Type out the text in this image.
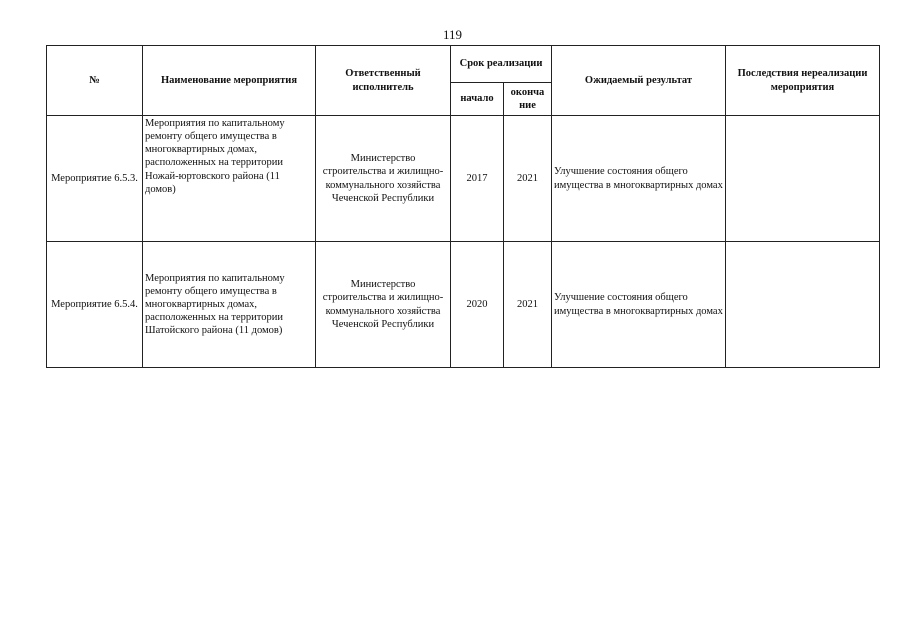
119
№	Наименование мероприятия	Ответственный исполнитель	Срок реализации		Ожидаемый результат	Последствия нереализации мероприятия
			начало	оконча ние		
Мероприятие 6.5.3.	Мероприятия по капитальному ремонту общего имущества в многоквартирных домах, расположенных на территории Ножай-юртовского района (11 домов)	Министерство строительства и жилищно-коммунального хозяйства Чеченской Республики	2017	2021	Улучшение состояния общего имущества в многоквартирных домах	
Мероприятие 6.5.4.	Мероприятия по капитальному ремонту общего имущества в многоквартирных домах, расположенных на территории Шатойского района (11 домов)	Министерство строительства и жилищно-коммунального хозяйства Чеченской Республики	2020	2021	Улучшение состояния общего имущества в многоквартирных домах	
